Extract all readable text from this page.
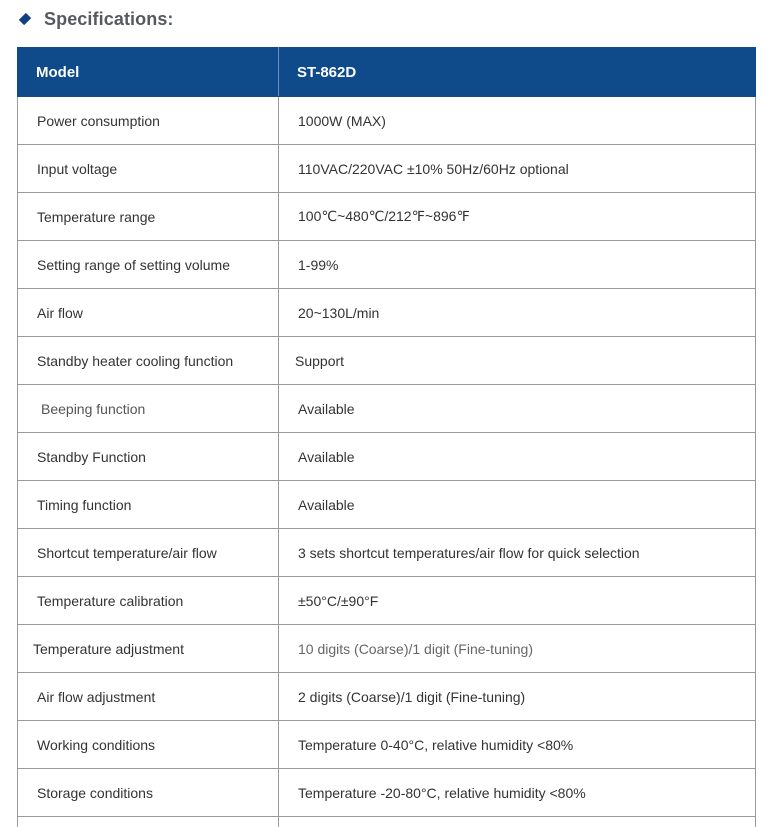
Specifications:
Model	ST-862D
Power consumption	1000W (MAX)
Input voltage	110VAC/220VAC ±10% 50Hz/60Hz optional
Temperature range	100℃~480℃/212℉~896℉
Setting range of setting volume	1-99%
Air flow	20~130L/min
Standby heater cooling function	Support
Beeping function	Available
Standby Function	Available
Timing function	Available
Shortcut temperature/air flow	3 sets shortcut temperatures/air flow for quick selection
Temperature calibration	±50°C/±90°F
Temperature adjustment	10 digits (Coarse)/1 digit (Fine-tuning)
Air flow adjustment	2 digits (Coarse)/1 digit (Fine-tuning)
Working conditions	Temperature 0-40°C, relative humidity <80%
Storage conditions	Temperature -20-80°C, relative humidity <80%
